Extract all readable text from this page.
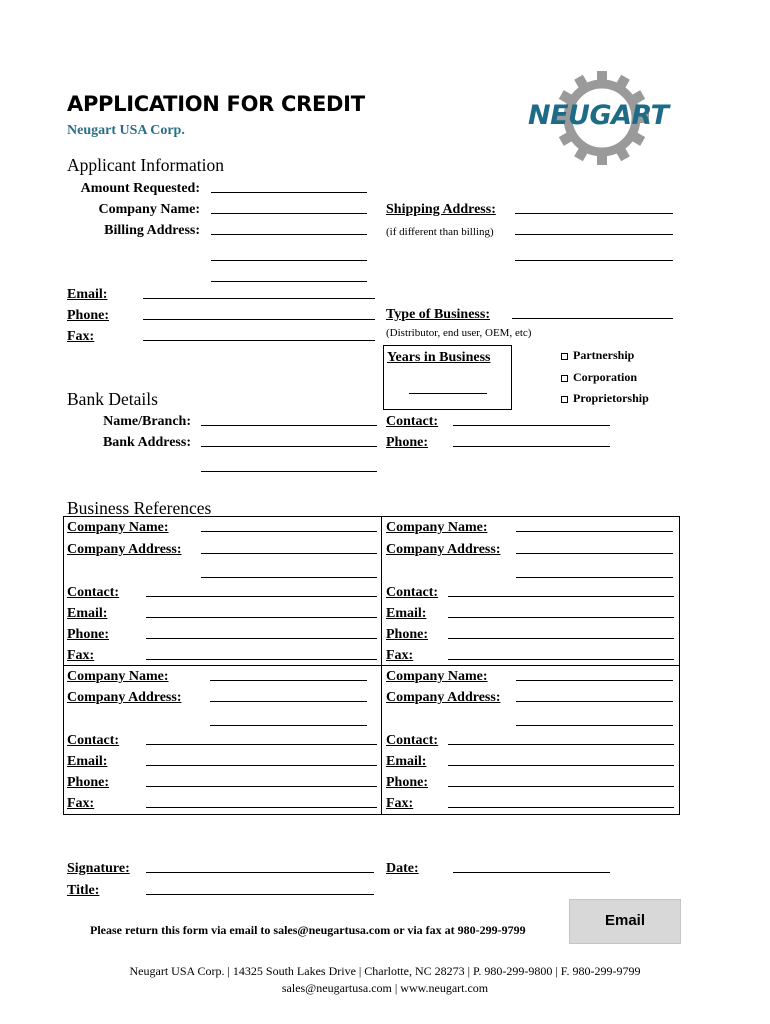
APPLICATION FOR CREDIT
Neugart USA Corp.	NEUGART
Applicant Information
Amount Requested:
Company Name:
Billing Address:
Shipping Address:
(if different than billing)
Email:
Phone:
Fax:
Type of Business:
(Distributor, end user, OEM, etc)
Years in Business	Partnership
Corporation
Proprietorship
Bank Details
Name/Branch:
Bank Address:
Contact:
Phone:
Business References
Company Name:
Company Address:
Contact:
Email:
Phone:
Fax:
Company Name:
Company Address:
Contact:
Email:
Phone:
Fax:
Company Name:
Company Address:
Contact:
Email:
Phone:
Fax:
Company Name:
Company Address:
Contact:
Email:
Phone:
Fax:
Signature:
Title:
Date:
Please return this form via email to sales@neugartusa.com or via fax at 980-299-9799
Email
Neugart USA Corp. | 14325 South Lakes Drive | Charlotte, NC 28273 | P. 980-299-9800 | F. 980-299-9799
sales@neugartusa.com | www.neugart.com
